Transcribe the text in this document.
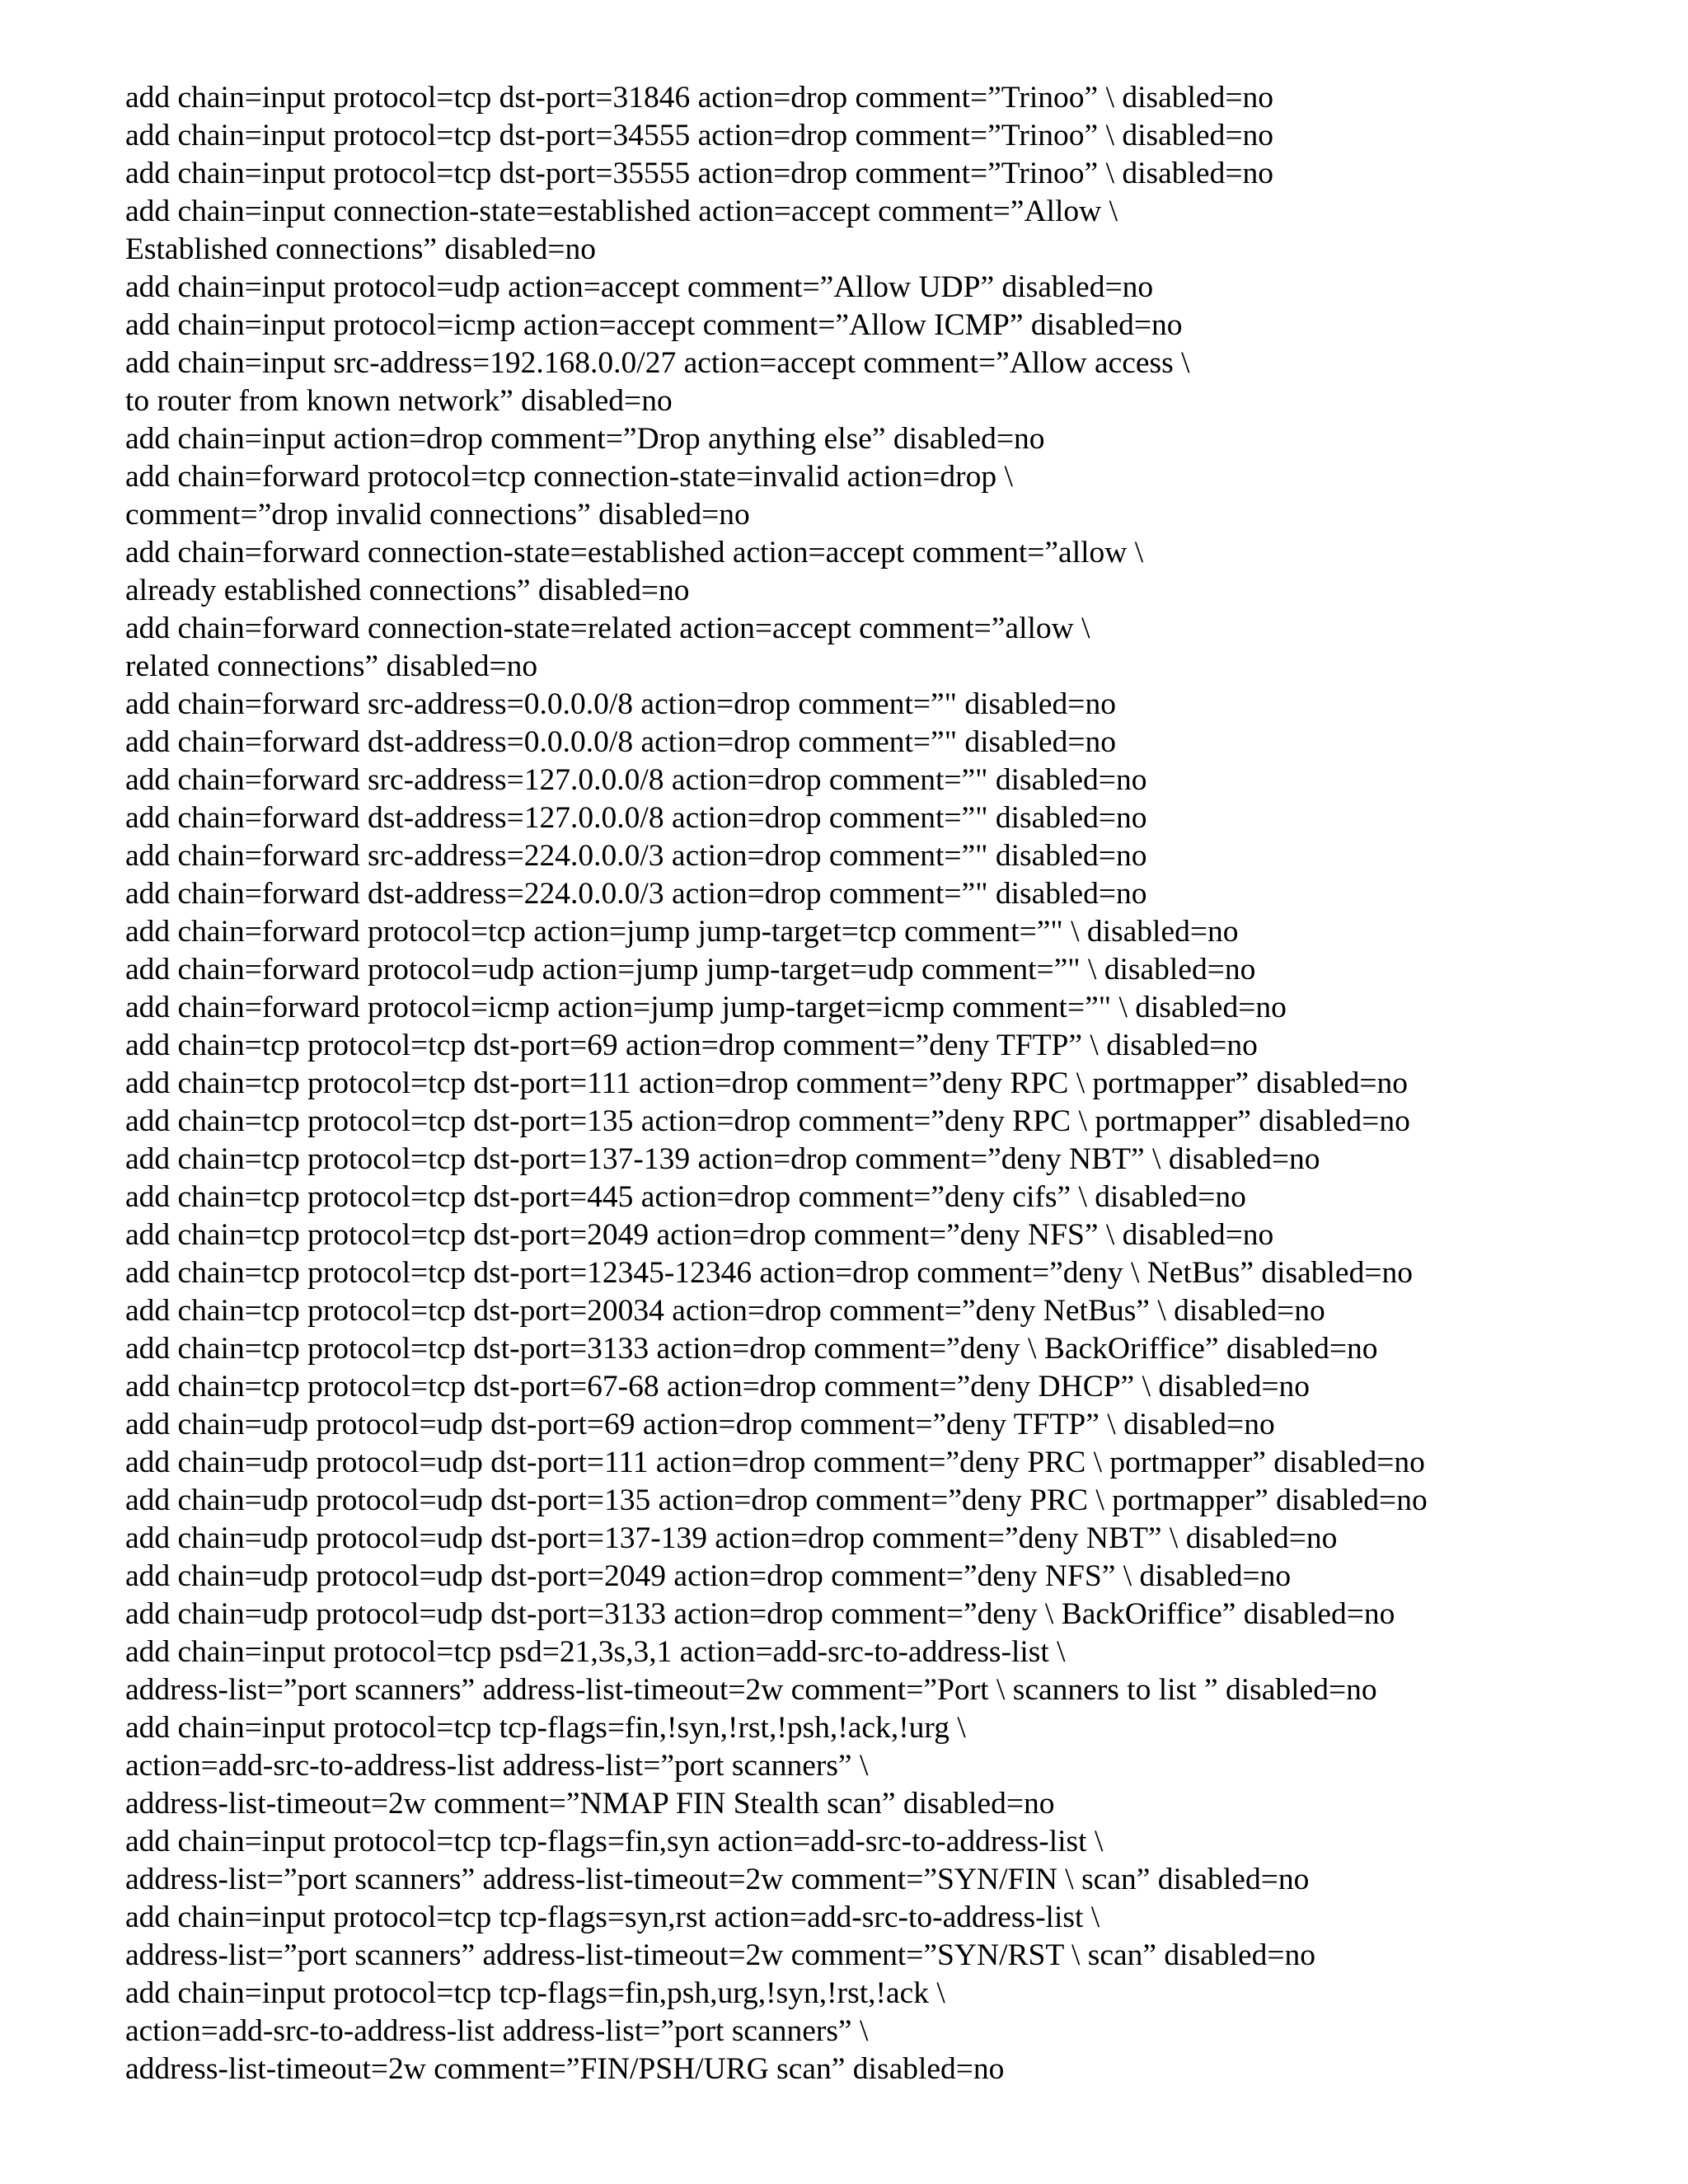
add chain=input protocol=tcp dst-port=31846 action=drop comment=”Trinoo” \ disabled=no
add chain=input protocol=tcp dst-port=34555 action=drop comment=”Trinoo” \ disabled=no
add chain=input protocol=tcp dst-port=35555 action=drop comment=”Trinoo” \ disabled=no
add chain=input connection-state=established action=accept comment=”Allow \
Established connections” disabled=no
add chain=input protocol=udp action=accept comment=”Allow UDP” disabled=no
add chain=input protocol=icmp action=accept comment=”Allow ICMP” disabled=no
add chain=input src-address=192.168.0.0/27 action=accept comment=”Allow access \
to router from known network” disabled=no
add chain=input action=drop comment=”Drop anything else” disabled=no
add chain=forward protocol=tcp connection-state=invalid action=drop \
comment=”drop invalid connections” disabled=no
add chain=forward connection-state=established action=accept comment=”allow \
already established connections” disabled=no
add chain=forward connection-state=related action=accept comment=”allow \
related connections” disabled=no
add chain=forward src-address=0.0.0.0/8 action=drop comment=”" disabled=no
add chain=forward dst-address=0.0.0.0/8 action=drop comment=”" disabled=no
add chain=forward src-address=127.0.0.0/8 action=drop comment=”" disabled=no
add chain=forward dst-address=127.0.0.0/8 action=drop comment=”" disabled=no
add chain=forward src-address=224.0.0.0/3 action=drop comment=”" disabled=no
add chain=forward dst-address=224.0.0.0/3 action=drop comment=”" disabled=no
add chain=forward protocol=tcp action=jump jump-target=tcp comment=”" \ disabled=no
add chain=forward protocol=udp action=jump jump-target=udp comment=”" \ disabled=no
add chain=forward protocol=icmp action=jump jump-target=icmp comment=”" \ disabled=no
add chain=tcp protocol=tcp dst-port=69 action=drop comment=”deny TFTP” \ disabled=no
add chain=tcp protocol=tcp dst-port=111 action=drop comment=”deny RPC \ portmapper” disabled=no
add chain=tcp protocol=tcp dst-port=135 action=drop comment=”deny RPC \ portmapper” disabled=no
add chain=tcp protocol=tcp dst-port=137-139 action=drop comment=”deny NBT” \ disabled=no
add chain=tcp protocol=tcp dst-port=445 action=drop comment=”deny cifs” \ disabled=no
add chain=tcp protocol=tcp dst-port=2049 action=drop comment=”deny NFS” \ disabled=no
add chain=tcp protocol=tcp dst-port=12345-12346 action=drop comment=”deny \ NetBus” disabled=no
add chain=tcp protocol=tcp dst-port=20034 action=drop comment=”deny NetBus” \ disabled=no
add chain=tcp protocol=tcp dst-port=3133 action=drop comment=”deny \ BackOriffice” disabled=no
add chain=tcp protocol=tcp dst-port=67-68 action=drop comment=”deny DHCP” \ disabled=no
add chain=udp protocol=udp dst-port=69 action=drop comment=”deny TFTP” \ disabled=no
add chain=udp protocol=udp dst-port=111 action=drop comment=”deny PRC \ portmapper” disabled=no
add chain=udp protocol=udp dst-port=135 action=drop comment=”deny PRC \ portmapper” disabled=no
add chain=udp protocol=udp dst-port=137-139 action=drop comment=”deny NBT” \ disabled=no
add chain=udp protocol=udp dst-port=2049 action=drop comment=”deny NFS” \ disabled=no
add chain=udp protocol=udp dst-port=3133 action=drop comment=”deny \ BackOriffice” disabled=no
add chain=input protocol=tcp psd=21,3s,3,1 action=add-src-to-address-list \
address-list=”port scanners” address-list-timeout=2w comment=”Port \ scanners to list ” disabled=no
add chain=input protocol=tcp tcp-flags=fin,!syn,!rst,!psh,!ack,!urg \
action=add-src-to-address-list address-list=”port scanners” \
address-list-timeout=2w comment=”NMAP FIN Stealth scan” disabled=no
add chain=input protocol=tcp tcp-flags=fin,syn action=add-src-to-address-list \
address-list=”port scanners” address-list-timeout=2w comment=”SYN/FIN \ scan” disabled=no
add chain=input protocol=tcp tcp-flags=syn,rst action=add-src-to-address-list \
address-list=”port scanners” address-list-timeout=2w comment=”SYN/RST \ scan” disabled=no
add chain=input protocol=tcp tcp-flags=fin,psh,urg,!syn,!rst,!ack \
action=add-src-to-address-list address-list=”port scanners” \
address-list-timeout=2w comment=”FIN/PSH/URG scan” disabled=no
